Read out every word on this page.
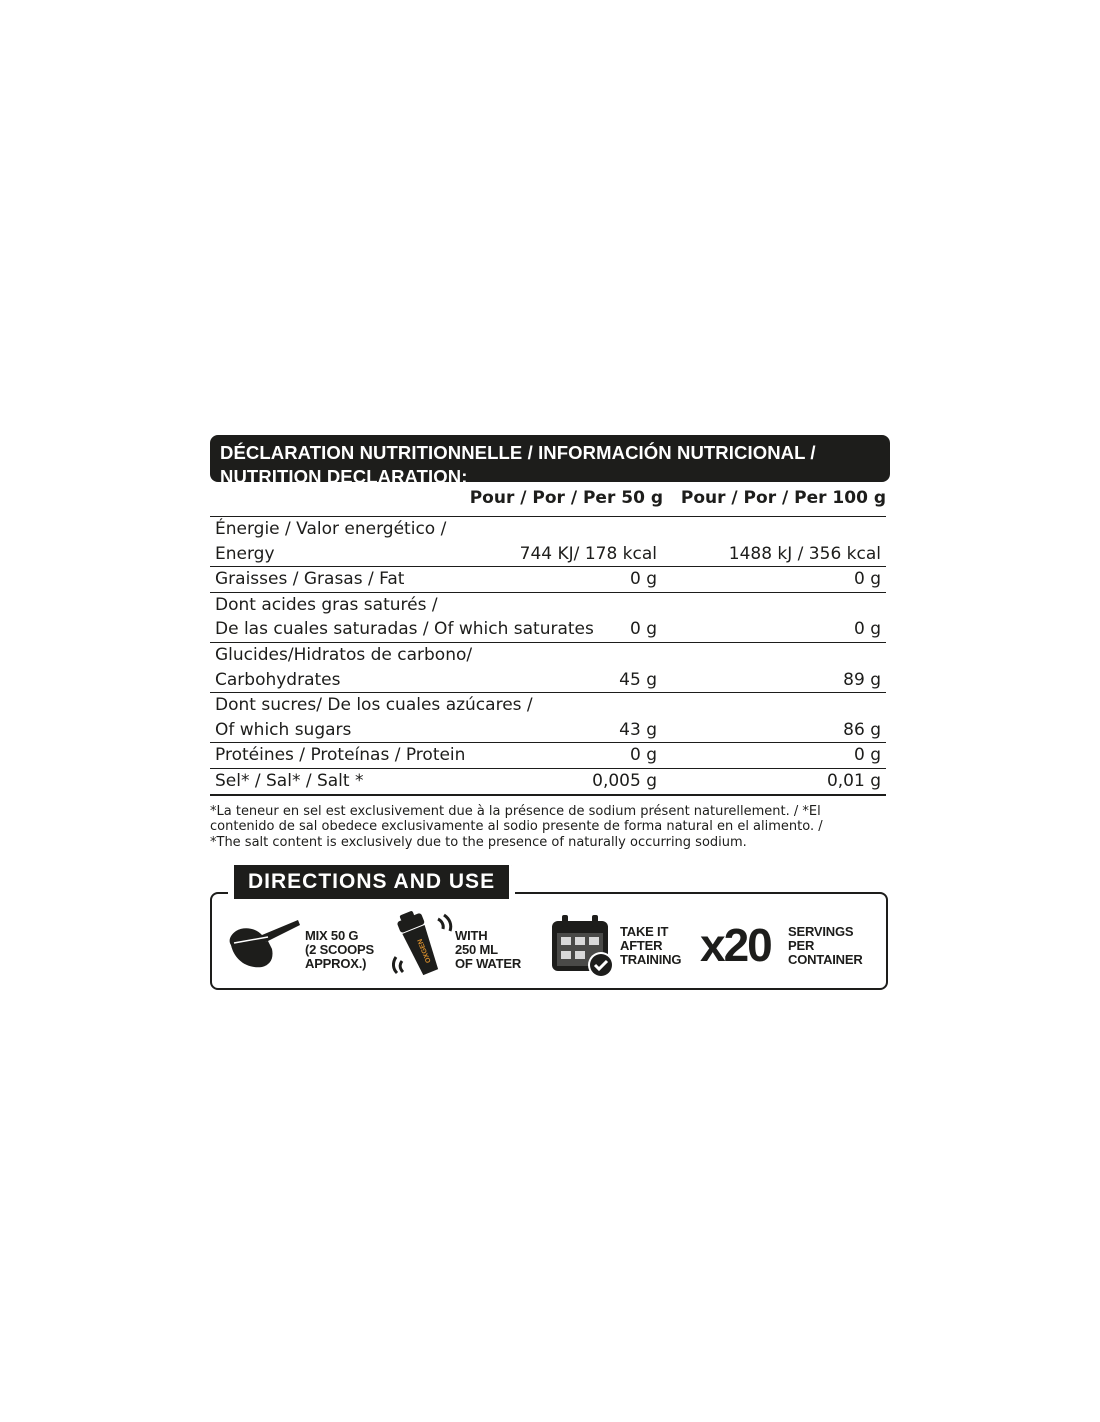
DÉCLARATION NUTRITIONNELLE / INFORMACIÓN NUTRICIONAL /
NUTRITION DECLARATION:
Pour / Por / Per 50 g Pour / Por / Per 100 g
Énergie / Valor energético /
Energy	744 KJ/ 178 kcal	1488 kJ / 356 kcal
Graisses / Grasas / Fat	0 g	0 g
Dont acides gras saturés /
De las cuales saturadas / Of which saturates	0 g	0 g
Glucides/Hidratos de carbono/
Carbohydrates	45 g	89 g
Dont sucres/ De los cuales azúcares /
Of which sugars	43 g	86 g
Protéines / Proteínas / Protein	0 g	0 g
Sel* / Sal* / Salt *	0,005 g	0,01 g
*La teneur en sel est exclusivement due à la présence de sodium présent naturellement. / *El
contenido de sal obedece exclusivamente al sodio presente de forma natural en el alimento. /
*The salt content is exclusively due to the presence of naturally occurring sodium.
DIRECTIONS AND USE
MIX 50 G
(2 SCOOPS
APPROX.)	OXGEN
WITH
250 ML
OF WATER
TAKE IT
AFTER
TRAINING x20 SERVINGS
PER
CONTAINER
